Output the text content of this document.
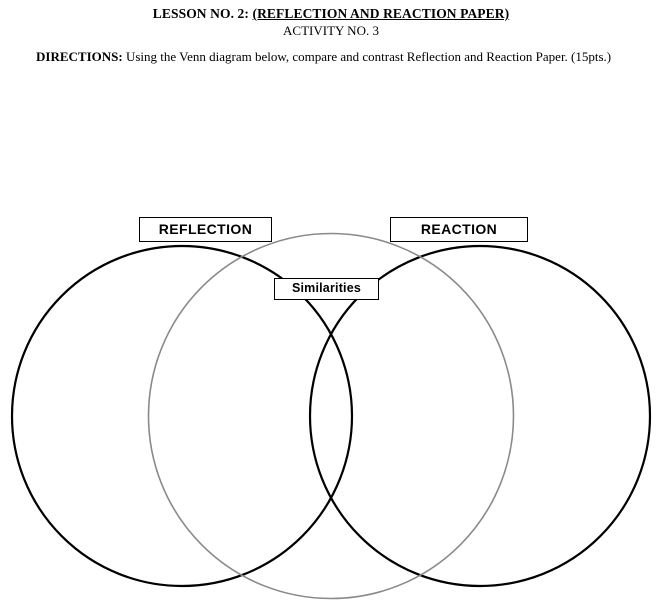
LESSON NO. 2: (REFLECTION AND REACTION PAPER)
ACTIVITY NO. 3
DIRECTIONS: Using the Venn diagram below, compare and contrast Reflection and Reaction Paper. (15pts.)
REFLECTION	REACTION
Similarities
